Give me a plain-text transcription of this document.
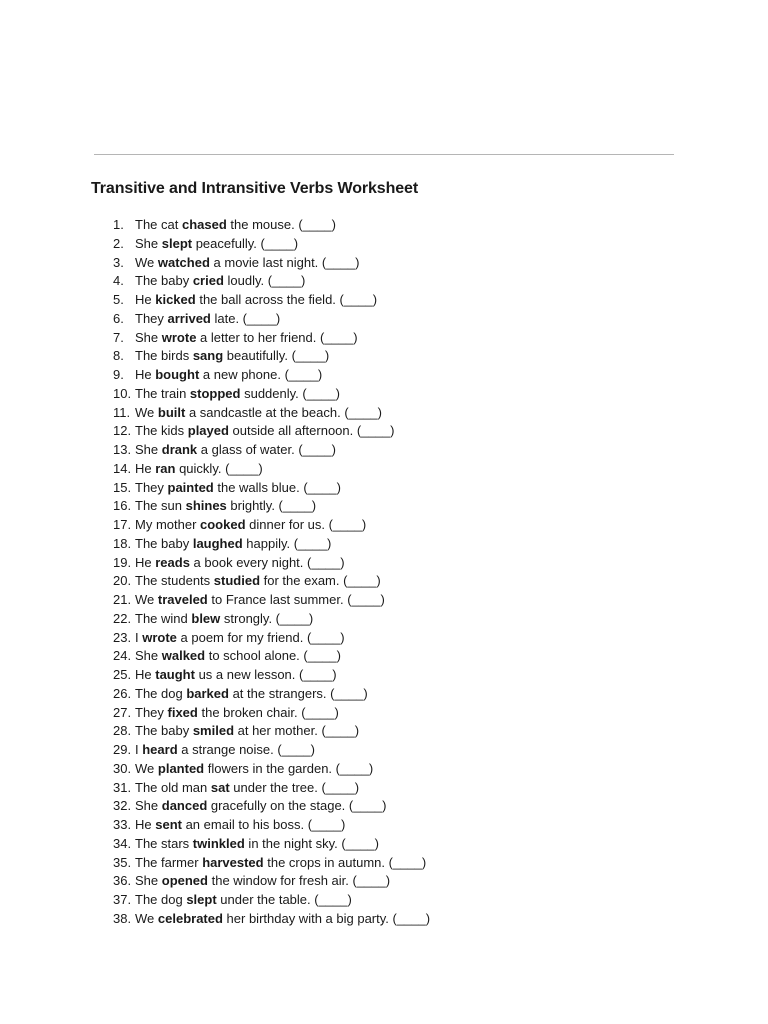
Transitive and Intransitive Verbs Worksheet
1. The cat chased the mouse. (____)
2. She slept peacefully. (____)
3. We watched a movie last night. (____)
4. The baby cried loudly. (____)
5. He kicked the ball across the field. (____)
6. They arrived late. (____)
7. She wrote a letter to her friend. (____)
8. The birds sang beautifully. (____)
9. He bought a new phone. (____)
10. The train stopped suddenly. (____)
11. We built a sandcastle at the beach. (____)
12. The kids played outside all afternoon. (____)
13. She drank a glass of water. (____)
14. He ran quickly. (____)
15. They painted the walls blue. (____)
16. The sun shines brightly. (____)
17. My mother cooked dinner for us. (____)
18. The baby laughed happily. (____)
19. He reads a book every night. (____)
20. The students studied for the exam. (____)
21. We traveled to France last summer. (____)
22. The wind blew strongly. (____)
23. I wrote a poem for my friend. (____)
24. She walked to school alone. (____)
25. He taught us a new lesson. (____)
26. The dog barked at the strangers. (____)
27. They fixed the broken chair. (____)
28. The baby smiled at her mother. (____)
29. I heard a strange noise. (____)
30. We planted flowers in the garden. (____)
31. The old man sat under the tree. (____)
32. She danced gracefully on the stage. (____)
33. He sent an email to his boss. (____)
34. The stars twinkled in the night sky. (____)
35. The farmer harvested the crops in autumn. (____)
36. She opened the window for fresh air. (____)
37. The dog slept under the table. (____)
38. We celebrated her birthday with a big party. (____)
